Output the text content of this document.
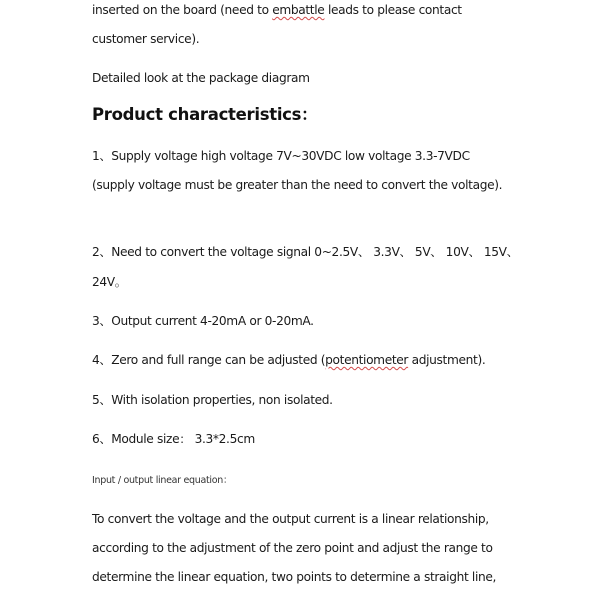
inserted on the board (need to embattle leads to please contact
customer service).
Detailed look at the package diagram
Product characteristics：
1、Supply voltage high voltage 7V~30VDC low voltage 3.3-7VDC
(supply voltage must be greater than the need to convert the voltage).
2、Need to convert the voltage signal 0~2.5V、 3.3V、 5V、 10V、 15V、
24V。
3、Output current 4-20mA or 0-20mA.
4、Zero and full range can be adjusted (potentiometer adjustment).
5、With isolation properties, non isolated.
6、Module size： 3.3*2.5cm
Input / output linear equation：
To convert the voltage and the output current is a linear relationship,
according to the adjustment of the zero point and adjust the range to
determine the linear equation, two points to determine a straight line,
